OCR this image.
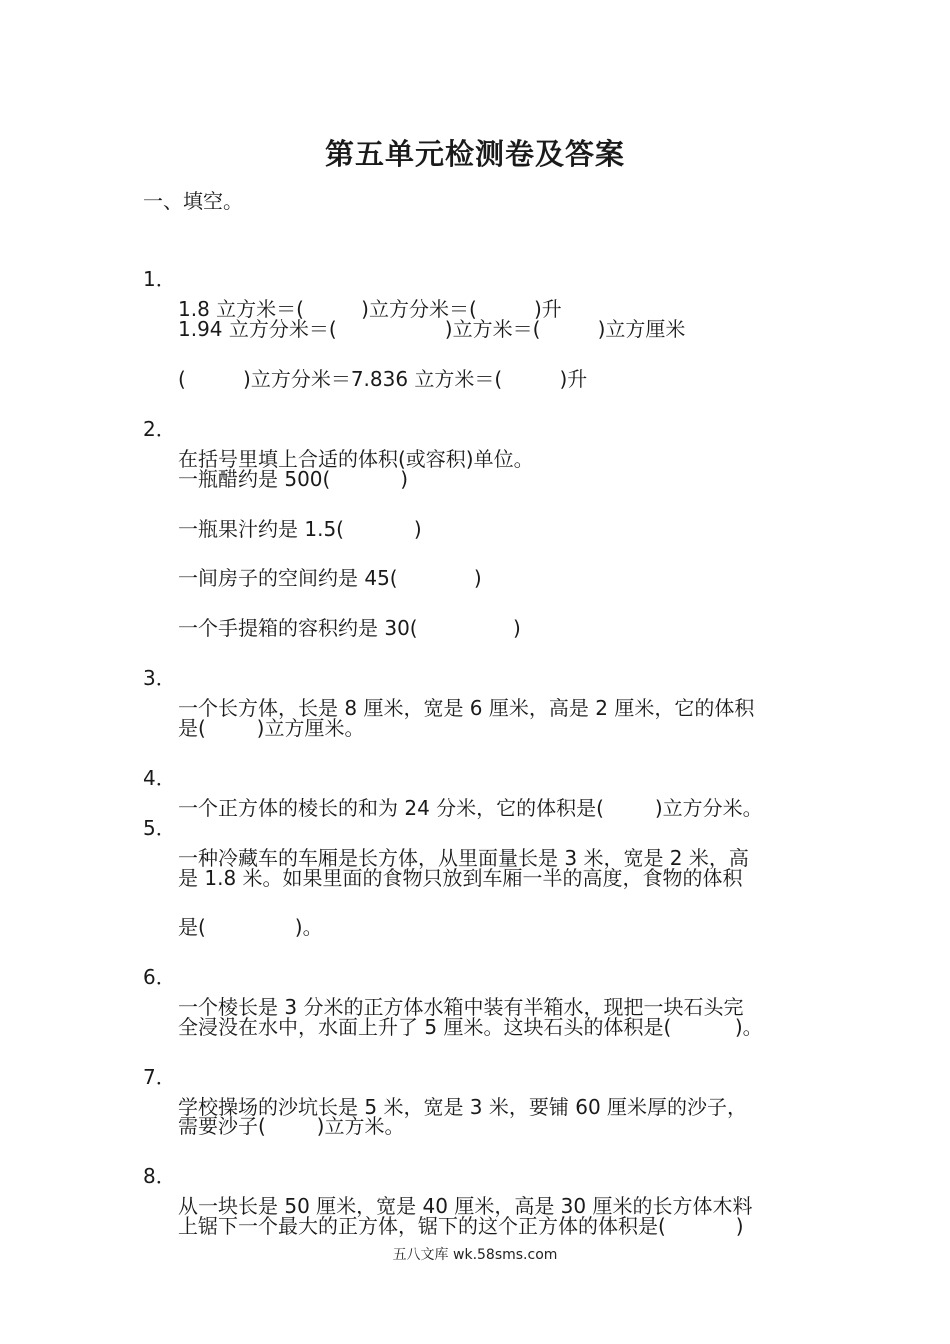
第五单元检测卷及答案
一、填空。

1．

1.8 立方米＝(         )立方分米＝(         )升

1.94 立方分米＝(                 )立方米＝(         )立方厘米

(         )立方分米＝7.836 立方米＝(         )升

2．

在括号里填上合适的体积(或容积)单位。

一瓶醋约是 500(           )

一瓶果汁约是 1.5(           )

一间房子的空间约是 45(            )

一个手提箱的容积约是 30(               )

3．

一个长方体，长是 8 厘米，宽是 6 厘米，高是 2 厘米，它的体积

是(        )立方厘米。

4．

一个正方体的棱长的和为 24 分米，它的体积是(        )立方分米。

5．

一种冷藏车的车厢是长方体，从里面量长是 3 米，宽是 2 米，高

是 1.8 米。如果里面的食物只放到车厢一半的高度，食物的体积

是(              )。

6．

一个棱长是 3 分米的正方体水箱中装有半箱水，现把一块石头完

全浸没在水中，水面上升了 5 厘米。这块石头的体积是(          )。

7．

学校操场的沙坑长是 5 米，宽是 3 米，要铺 60 厘米厚的沙子，

需要沙子(        )立方米。

8．

从一块长是 50 厘米，宽是 40 厘米，高是 30 厘米的长方体木料

上锯下一个最大的正方体，锯下的这个正方体的体积是(           )

五八文库 wk.58sms.com
